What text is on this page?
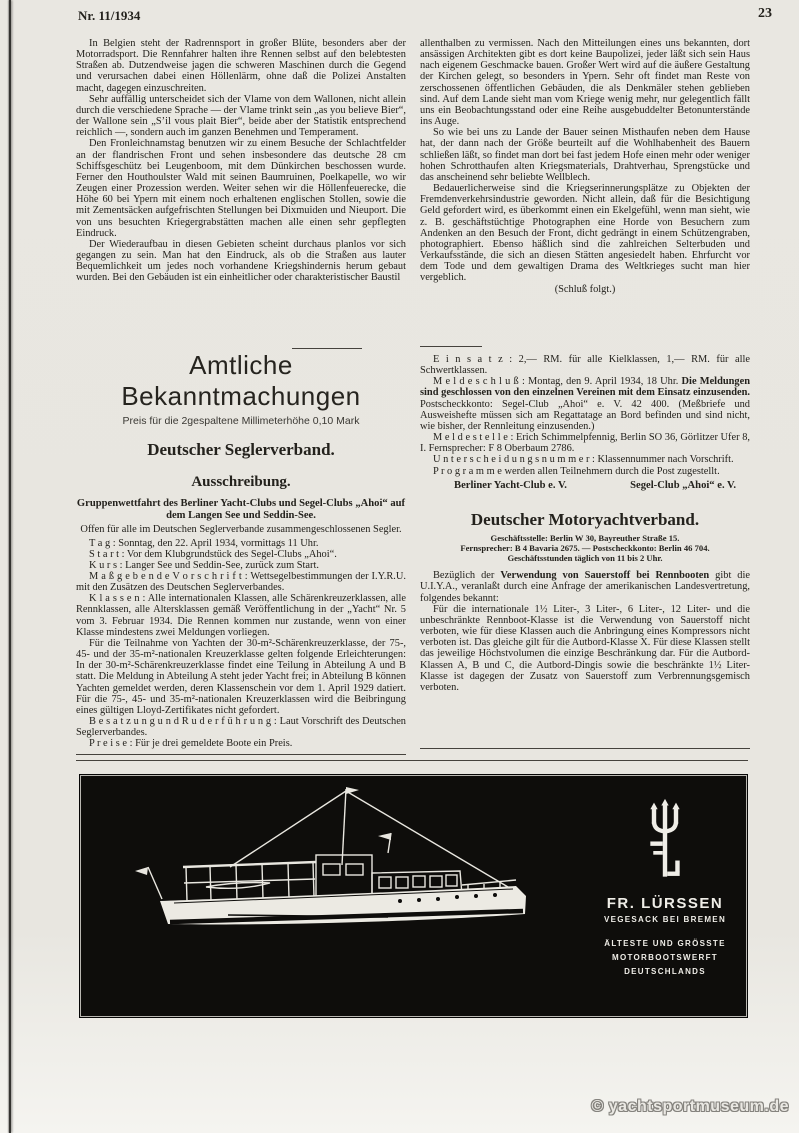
Nr. 11/1934	23

In Belgien steht der Radrennsport in großer Blüte, besonders aber der Motorradsport. Die Rennfahrer halten ihre Rennen selbst auf den belebtesten Straßen ab. Dutzendweise jagen die schweren Maschinen durch die Gegend und verursachen dabei einen Höllenlärm, ohne daß die Polizei Anstalten macht, dagegen einzuschreiten.

Sehr auffällig unterscheidet sich der Vlame von dem Wallonen, nicht allein durch die verschiedene Sprache — der Vlame trinkt sein „as you believe Bier“, der Wallone sein „S’il vous plait Bier“, beide aber der Statistik entsprechend reichlich —, sondern auch im ganzen Benehmen und Temperament.

Den Fronleichnamstag benutzen wir zu einem Besuche der Schlachtfelder an der flandrischen Front und sehen insbesondere das deutsche 28 cm Schiffsgeschütz bei Leugenboom, mit dem Dünkirchen beschossen wurde. Ferner den Houthoulster Wald mit seinen Baumruinen, Poelkapelle, wo wir Zeugen einer Prozession werden. Weiter sehen wir die Höllenfeuerecke, die Höhe 60 bei Ypern mit einem noch erhaltenen englischen Stollen, sowie die mit Zementsäcken aufgefrischten Stellungen bei Dixmuiden und Nieuport. Die von uns besuchten Kriegergrabstätten machen alle einen sehr gepflegten Eindruck.

Der Wiederaufbau in diesen Gebieten scheint durchaus planlos vor sich gegangen zu sein. Man hat den Eindruck, als ob die Straßen aus lauter Bequemlichkeit um jedes noch vorhandene Kriegshindernis herum gebaut wurden. Bei den Gebäuden ist ein einheitlicher oder charakteristischer Baustil

allenthalben zu vermissen. Nach den Mitteilungen eines uns bekannten, dort ansässigen Architekten gibt es dort keine Baupolizei, jeder läßt sich sein Haus nach eigenem Geschmacke bauen. Großer Wert wird auf die äußere Gestaltung der Kirchen gelegt, so besonders in Ypern. Sehr oft findet man Reste von zerschossenen öffentlichen Gebäuden, die als Denkmäler stehen geblieben sind. Auf dem Lande sieht man vom Kriege wenig mehr, nur gelegentlich fällt uns ein Beobachtungsstand oder eine Reihe ausgebuddelter Betonunterstände ins Auge.

So wie bei uns zu Lande der Bauer seinen Misthaufen neben dem Hause hat, der dann nach der Größe beurteilt auf die Wohlhabenheit des Bauern schließen läßt, so findet man dort bei fast jedem Hofe einen mehr oder weniger hohen Schrotthaufen alten Kriegsmaterials, Drahtverhau, Sprengstücke und das anscheinend sehr beliebte Wellblech.

Bedauerlicherweise sind die Kriegserinnerungsplätze zu Objekten der Fremdenverkehrsindustrie geworden. Nicht allein, daß für die Besichtigung Geld gefordert wird, es überkommt einen ein Ekelgefühl, wenn man sieht, wie z. B. geschäftstüchtige Photographen eine Horde von Besuchern zum Andenken an den Besuch der Front, dicht gedrängt in einem Schützengraben, photographiert. Ebenso häßlich sind die zahlreichen Selterbuden und Verkaufsstände, die sich an diesen Stätten angesiedelt haben. Ehrfurcht vor dem Tode und dem gewaltigen Drama des Weltkrieges sucht man hier vergeblich.

(Schluß folgt.)
Amtliche Bekanntmachungen
Preis für die 2gespaltene Millimeterhöhe 0,10 Mark
Deutscher Seglerverband.
Ausschreibung.
Gruppenwettfahrt des Berliner Yacht-Clubs und Segel-Clubs „Ahoi“ auf dem Langen See und Seddin-See.
Offen für alle im Deutschen Seglerverbande zusammengeschlossenen Segler.

T a g : Sonntag, den 22. April 1934, vormittags 11 Uhr.

S t a r t : Vor dem Klubgrundstück des Segel-Clubs „Ahoi“.

K u r s : Langer See und Seddin-See, zurück zum Start.

M a ß g e b e n d e V o r s c h r i f t : Wettsegelbestimmungen der I.Y.R.U. mit den Zusätzen des Deutschen Seglerverbandes.

K l a s s e n : Alle internationalen Klassen, alle Schärenkreuzerklassen, alle Rennklassen, alle Altersklassen gemäß Veröffentlichung in der „Yacht“ Nr. 5 vom 3. Februar 1934. Die Rennen kommen nur zustande, wenn von einer Klasse mindestens zwei Meldungen vorliegen.

Für die Teilnahme von Yachten der 30-m²-Schärenkreuzerklasse, der 75-, 45- und der 35-m²-nationalen Kreuzerklasse gelten folgende Erleichterungen: In der 30-m²-Schärenkreuzerklasse findet eine Teilung in Abteilung A und B statt. Die Meldung in Abteilung A steht jeder Yacht frei; in Abteilung B können Yachten gemeldet werden, deren Klassenschein vor dem 1. April 1929 datiert. Für die 75-, 45- und 35-m²-nationalen Kreuzerklassen wird die Beibringung eines gültigen Lloyd-Zertifikates nicht gefordert.

B e s a t z u n g u n d R u d e r f ü h r u n g : Laut Vorschrift des Deutschen Seglerverbandes.

P r e i s e : Für je drei gemeldete Boote ein Preis.

E i n s a t z : 2,— RM. für alle Kielklassen, 1,— RM. für alle Schwertklassen.

M e l d e s c h l u ß : Montag, den 9. April 1934, 18 Uhr. Die Meldungen sind geschlossen von den einzelnen Vereinen mit dem Einsatz einzusenden. Postscheckkonto: Segel-Club „Ahoi“ e. V. 42 400. (Meßbriefe und Ausweishefte müssen sich am Regattatage an Bord befinden und sind nicht, wie bisher, der Rennleitung einzusenden.)

M e l d e s t e l l e : Erich Schimmelpfennig, Berlin SO 36, Görlitzer Ufer 8, I. Fernsprecher: F 8 Oberbaum 2786.

U n t e r s c h e i d u n g s n u m m e r : Klassennummer nach Vorschrift.

P r o g r a m m e werden allen Teilnehmern durch die Post zugestellt.

Berliner Yacht-Club e. V.	Segel-Club „Ahoi“ e. V.
Deutscher Motoryachtverband.
Geschäftsstelle: Berlin W 30, Bayreuther Straße 15.
Fernsprecher: B 4 Bavaria 2675. — Postscheckkonto: Berlin 46 704.
Geschäftsstunden täglich von 11 bis 2 Uhr.

Bezüglich der Verwendung von Sauerstoff bei Rennbooten gibt die U.I.Y.A., veranlaßt durch eine Anfrage der amerikanischen Landesvertretung, folgendes bekannt:

Für die internationale 1½ Liter-, 3 Liter-, 6 Liter-, 12 Liter- und die unbeschränkte Rennboot-Klasse ist die Verwendung von Sauerstoff nicht verboten, wie für diese Klassen auch die Anbringung eines Kompressors nicht verboten ist. Das gleiche gilt für die Autbord-Klasse X. Für diese Klassen stellt das jeweilige Höchstvolumen die einzige Beschränkung dar. Für die Autbord-Klassen A, B und C, die Autbord-Dingis sowie die beschränkte 1½ Liter-Klasse ist dagegen der Zusatz von Sauerstoff zum Verbrennungsgemisch verboten.

FR. LÜRSSEN
VEGESACK BEI BREMEN
ÄLTESTE UND GRÖSSTE
MOTORBOOTSWERFT
DEUTSCHLANDS
© yachtsportmuseum.de
